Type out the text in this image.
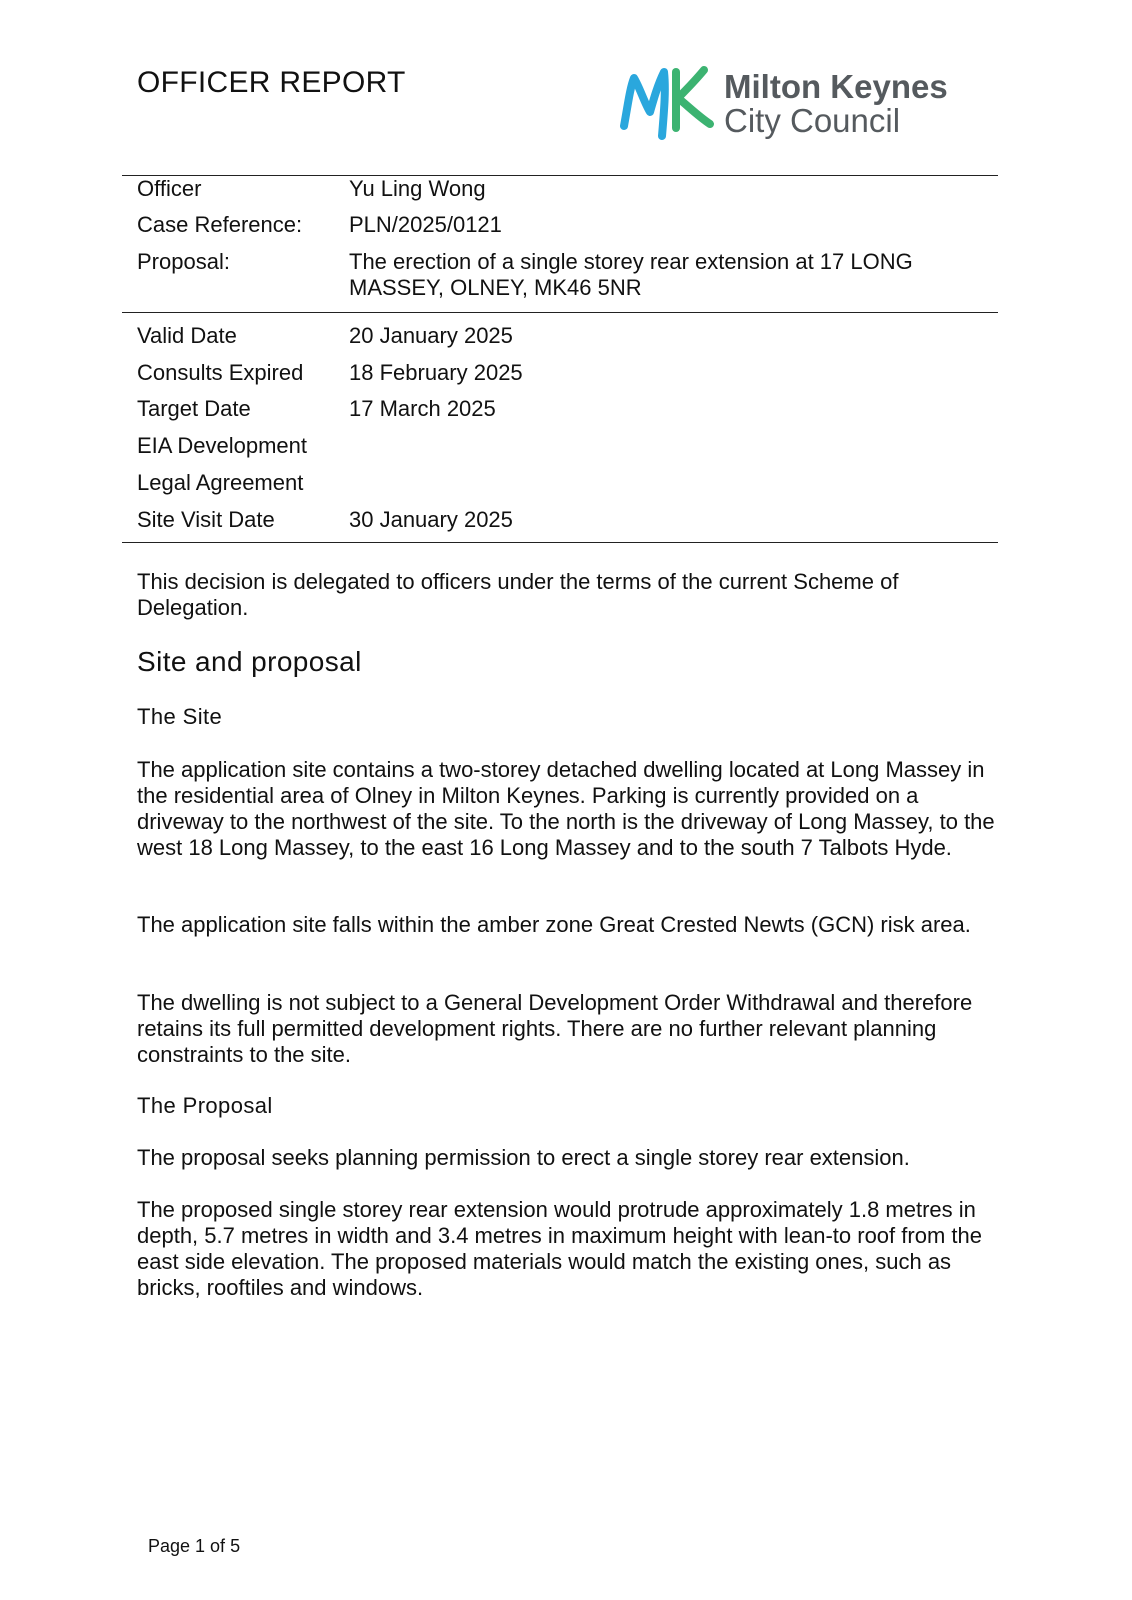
OFFICER REPORT	Milton Keynes
City Council
Officer	Yu Ling Wong
Case Reference: PLN/2025/0121
Proposal:	The erection of a single storey rear extension at 17 LONG MASSEY, OLNEY, MK46 5NR
Valid Date	20 January 2025
Consults Expired 18 February 2025
Target Date	17 March 2025
EIA Development
Legal Agreement
Site Visit Date	30 January 2025
This decision is delegated to officers under the terms of the current Scheme of Delegation.
Site and proposal
The Site
The application site contains a two-storey detached dwelling located at Long Massey in the residential area of Olney in Milton Keynes. Parking is currently provided on a driveway to the northwest of the site. To the north is the driveway of Long Massey, to the west 18 Long Massey, to the east 16 Long Massey and to the south 7 Talbots Hyde.
The application site falls within the amber zone Great Crested Newts (GCN) risk area.
The dwelling is not subject to a General Development Order Withdrawal and therefore retains its full permitted development rights. There are no further relevant planning constraints to the site.
The Proposal
The proposal seeks planning permission to erect a single storey rear extension.
The proposed single storey rear extension would protrude approximately 1.8 metres in depth, 5.7 metres in width and 3.4 metres in maximum height with lean-to roof from the east side elevation. The proposed materials would match the existing ones, such as bricks, rooftiles and windows.
Page 1 of 5
